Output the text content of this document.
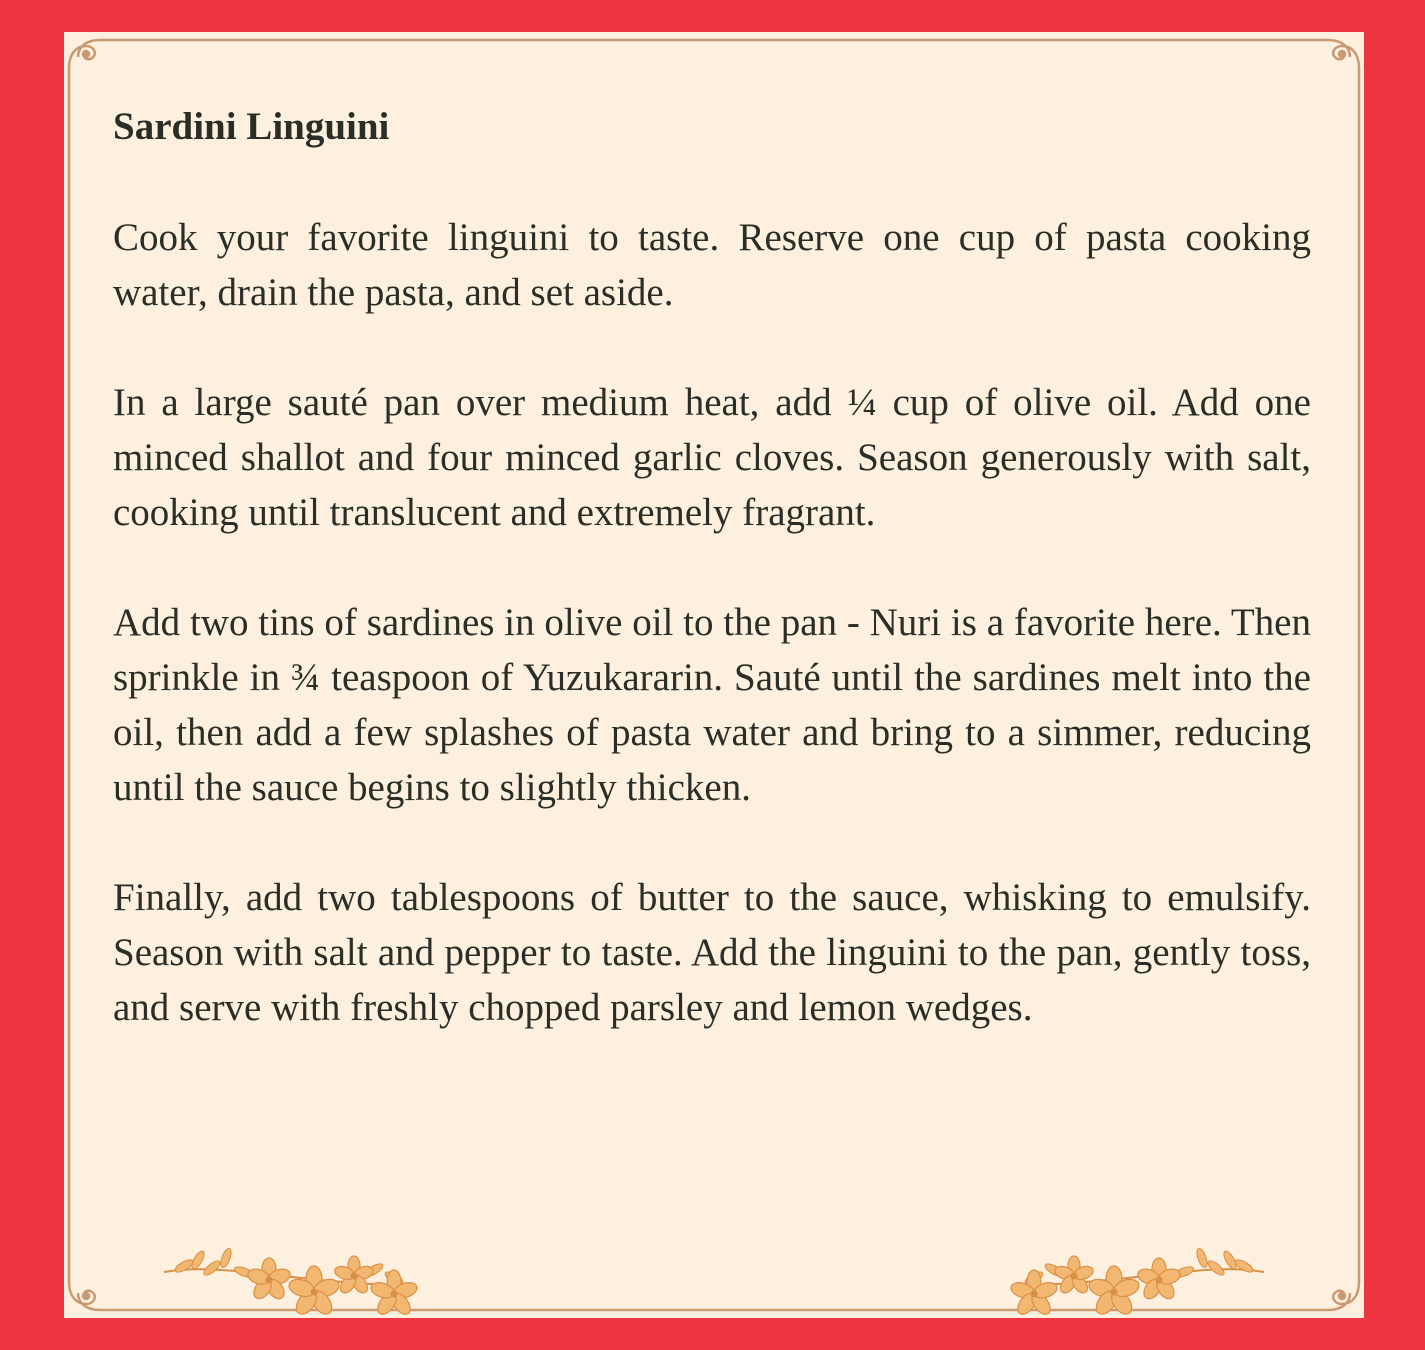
Sardini Linguini

Cook your favorite linguini to taste. Reserve one cup of pasta cooking water, drain the pasta, and set aside.

In a large sauté pan over medium heat, add ¼ cup of olive oil. Add one minced shallot and four minced garlic cloves. Season generously with salt, cooking until translucent and extremely fragrant.

Add two tins of sardines in olive oil to the pan - Nuri is a favorite here. Then sprinkle in ¾ teaspoon of Yuzukararin. Sauté until the sardines melt into the oil, then add a few splashes of pasta water and bring to a simmer, reducing until the sauce begins to slightly thicken.

Finally, add two tablespoons of butter to the sauce, whisking to emulsify. Season with salt and pepper to taste. Add the linguini to the pan, gently toss, and serve with freshly chopped parsley and lemon wedges.
